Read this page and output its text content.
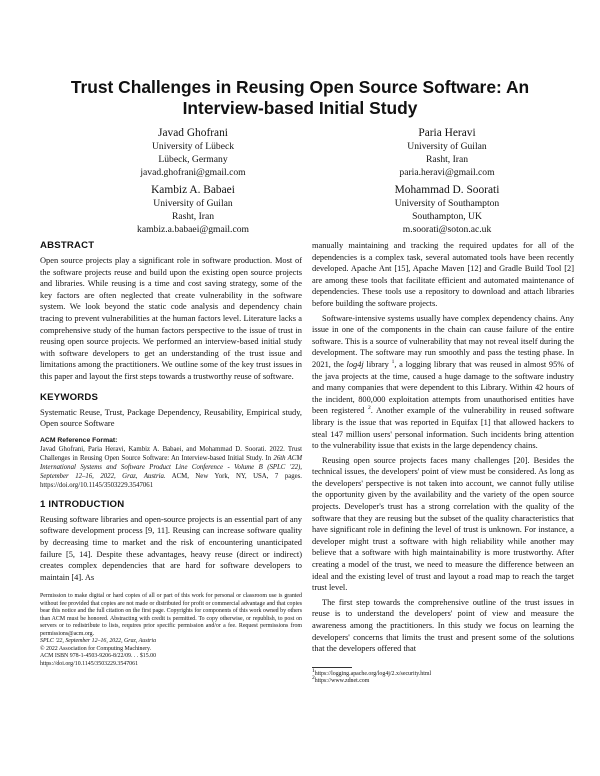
Trust Challenges in Reusing Open Source Software: An
Interview-based Initial Study
Javad Ghofrani
University of Lübeck
Lübeck, Germany
javad.ghofrani@gmail.com
Paria Heravi
University of Guilan
Rasht, Iran
paria.heravi@gmail.com
Kambiz A. Babaei
University of Guilan
Rasht, Iran
kambiz.a.babaei@gmail.com
Mohammad D. Soorati
University of Southampton
Southampton, UK
m.soorati@soton.ac.uk
ABSTRACT

Open source projects play a significant role in software production. Most of the software projects reuse and build upon the existing open source projects and libraries. While reusing is a time and cost saving strategy, some of the key factors are often neglected that create vulnerability in the software system. We look beyond the static code analysis and dependency chain tracing to prevent vulnerabilities at the human factors level. Literature lacks a comprehensive study of the human factors perspective to the issue of trust in reusing open source projects. We performed an interview-based initial study with software developers to get an understanding of the trust issue and limitations among the practitioners. We outline some of the key trust issues in this paper and layout the first steps towards a trustworthy reuse of software.

KEYWORDS

Systematic Reuse, Trust, Package Dependency, Reusability, Empirical study, Open source Software

ACM Reference Format:

Javad Ghofrani, Paria Heravi, Kambiz A. Babaei, and Mohammad D. Soorati. 2022. Trust Challenges in Reusing Open Source Software: An Interview-based Initial Study. In 26th ACM International Systems and Software Product Line Conference - Volume B (SPLC '22), September 12–16, 2022, Graz, Austria. ACM, New York, NY, USA, 7 pages. https://doi.org/10.1145/3503229.3547061

1 INTRODUCTION

Reusing software libraries and open-source projects is an essential part of any software development process [9, 11]. Reusing can increase software quality by decreasing time to market and the risk of encountering unanticipated failure [5, 14]. Despite these advantages, heavy reuse (direct or indirect) creates complex dependencies that are hard for software developers to maintain [4]. As

Permission to make digital or hard copies of all or part of this work for personal or classroom use is granted without fee provided that copies are not made or distributed for profit or commercial advantage and that copies bear this notice and the full citation on the first page. Copyrights for components of this work owned by others than ACM must be honored. Abstracting with credit is permitted. To copy otherwise, or republish, to post on servers or to redistribute to lists, requires prior specific permission and/or a fee. Request permissions from permissions@acm.org.

SPLC '22, September 12–16, 2022, Graz, Austria

© 2022 Association for Computing Machinery.

ACM ISBN 978-1-4503-9206-8/22/09. . . $15.00

https://doi.org/10.1145/3503229.3547061

manually maintaining and tracking the required updates for all of the dependencies is a complex task, several automated tools have been recently developed. Apache Ant [15], Apache Maven [12] and Gradle Build Tool [2] are among these tools that facilitate efficient and automated maintenance of dependencies. These tools use a repository to download and attach libraries before building the software projects.

Software-intensive systems usually have complex dependency chains. Any issue in one of the components in the chain can cause failure of the entire software. This is a source of vulnerability that may not reveal itself during the development. The software may run smoothly and pass the testing phase. In 2021, the log4j library $^1$, a logging library that was reused in almost 95% of the java projects at the time, caused a huge damage to the software industry and many companies that were dependent to this Library. Within 42 hours of the incident, 800,000 exploitation attempts from unauthorised entities have been registered $^2$. Another example of the vulnerability in reused software library is the issue that was reported in Equifax [1] that allowed hackers to steal 147 million users' personal information. Such incidents bring attention to the vulnerability issue that exists in the large dependency chains.

Reusing open source projects faces many challenges [20]. Besides the technical issues, the developers' point of view must be considered. As long as the developers' perspective is not taken into account, we cannot fully utilise the opportunity given by the availability and the variety of the open source projects. Developer's trust has a strong correlation with the quality of the software that they are reusing but the subset of the quality characteristics that have significant role in defining the level of trust is unknown. For instance, a developer might trust a software with high reliability while another may believe that a software with high maintainability is more trustworthy. After creating a model of the trust, we need to measure the difference between an ideal and the existing level of trust and layout a road map to reach the target trust level.

The first step towards the comprehensive outline of the trust issues in reuse is to understand the developers' point of view and measure the awareness among the practitioners. In this study we focus on learning the developers' concerns that limits the trust and present some of the solutions that the developers offered that

1https://logging.apache.org/log4j/2.x/security.html

2https://www.zdnet.com
